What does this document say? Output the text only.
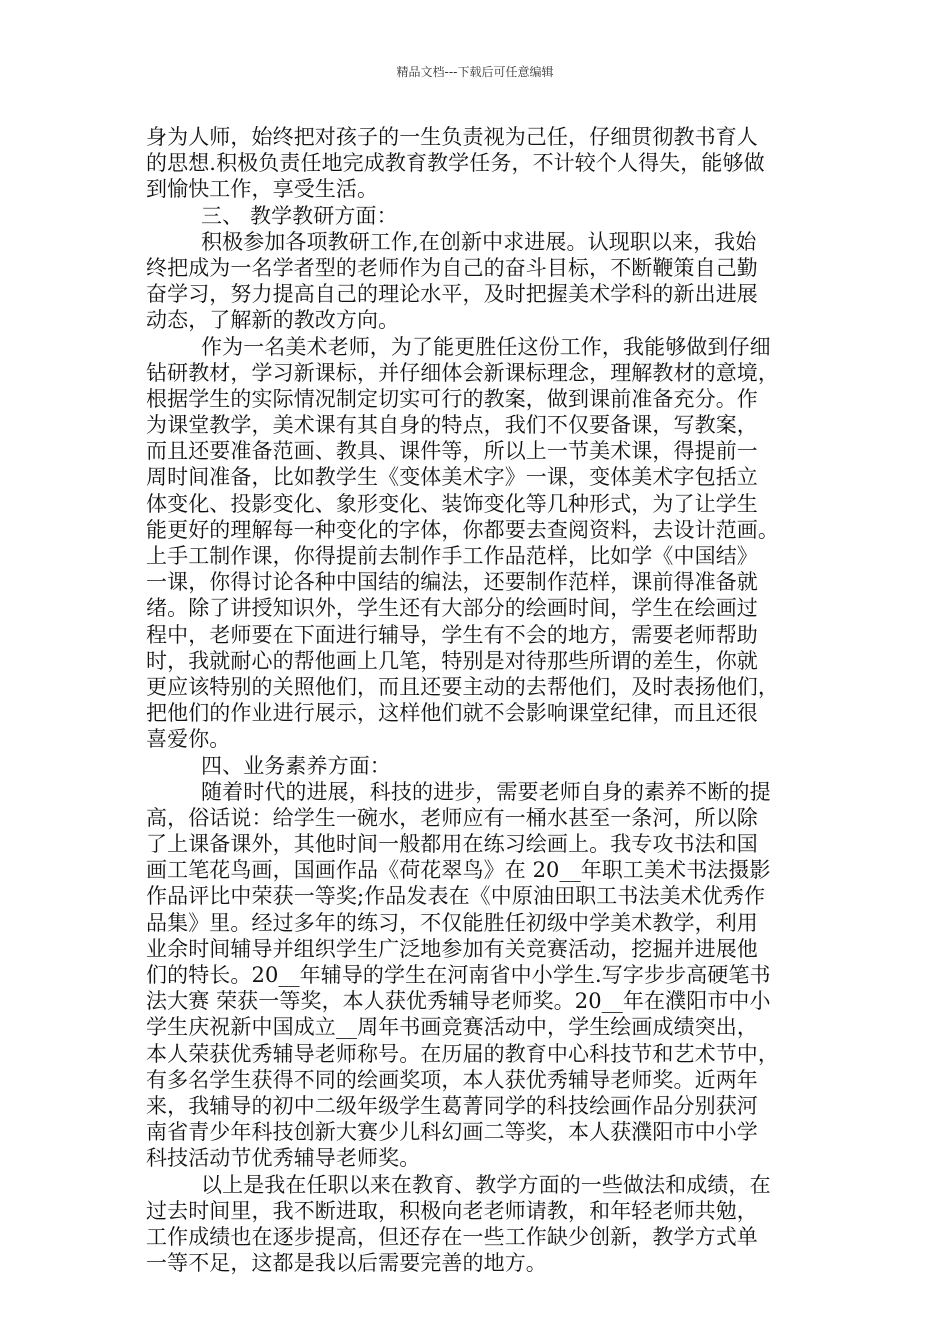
精品文档---下载后可任意编辑
身为人师，始终把对孩子的一生负责视为己任，仔细贯彻教书育人
的思想.积极负责任地完成教育教学任务，不计较个人得失，能够做
到愉快工作，享受生活。
三、 教学教研方面：
积极参加各项教研工作,在创新中求进展。认现职以来，我始
终把成为一名学者型的老师作为自己的奋斗目标，不断鞭策自己勤
奋学习，努力提高自己的理论水平，及时把握美术学科的新出进展
动态，了解新的教改方向。
作为一名美术老师，为了能更胜任这份工作，我能够做到仔细
钻研教材，学习新课标，并仔细体会新课标理念，理解教材的意境，
根据学生的实际情况制定切实可行的教案，做到课前准备充分。作
为课堂教学，美术课有其自身的特点，我们不仅要备课，写教案，
而且还要准备范画、教具、课件等，所以上一节美术课，得提前一
周时间准备，比如教学生《变体美术字》一课，变体美术字包括立
体变化、投影变化、象形变化、装饰变化等几种形式，为了让学生
能更好的理解每一种变化的字体，你都要去查阅资料，去设计范画。
上手工制作课，你得提前去制作手工作品范样，比如学《中国结》
一课，你得讨论各种中国结的编法，还要制作范样，课前得准备就
绪。除了讲授知识外，学生还有大部分的绘画时间，学生在绘画过
程中，老师要在下面进行辅导，学生有不会的地方，需要老师帮助
时，我就耐心的帮他画上几笔，特别是对待那些所谓的差生，你就
更应该特别的关照他们，而且还要主动的去帮他们，及时表扬他们，
把他们的作业进行展示，这样他们就不会影响课堂纪律，而且还很
喜爱你。
四、业务素养方面：
随着时代的进展，科技的进步，需要老师自身的素养不断的提
高，俗话说：给学生一碗水，老师应有一桶水甚至一条河，所以除
了上课备课外，其他时间一般都用在练习绘画上。我专攻书法和国
画工笔花鸟画，国画作品《荷花翠鸟》在 20__年职工美术书法摄影
作品评比中荣获一等奖;作品发表在《中原油田职工书法美术优秀作
品集》里。经过多年的练习，不仅能胜任初级中学美术教学，利用
业余时间辅导并组织学生广泛地参加有关竞赛活动，挖掘并进展他
们的特长。20__年辅导的学生在河南省中小学生.写字步步高硬笔书
法大赛 荣获一等奖，本人获优秀辅导老师奖。20__年在濮阳市中小
学生庆祝新中国成立__周年书画竞赛活动中，学生绘画成绩突出，
本人荣获优秀辅导老师称号。在历届的教育中心科技节和艺术节中，
有多名学生获得不同的绘画奖项，本人获优秀辅导老师奖。近两年
来，我辅导的初中二级年级学生葛菁同学的科技绘画作品分别获河
南省青少年科技创新大赛少儿科幻画二等奖，本人获濮阳市中小学
科技活动节优秀辅导老师奖。
以上是我在任职以来在教育、教学方面的一些做法和成绩，在
过去时间里，我不断进取，积极向老老师请教，和年轻老师共勉，
工作成绩也在逐步提高，但还存在一些工作缺少创新，教学方式单
一等不足，这都是我以后需要完善的地方。
